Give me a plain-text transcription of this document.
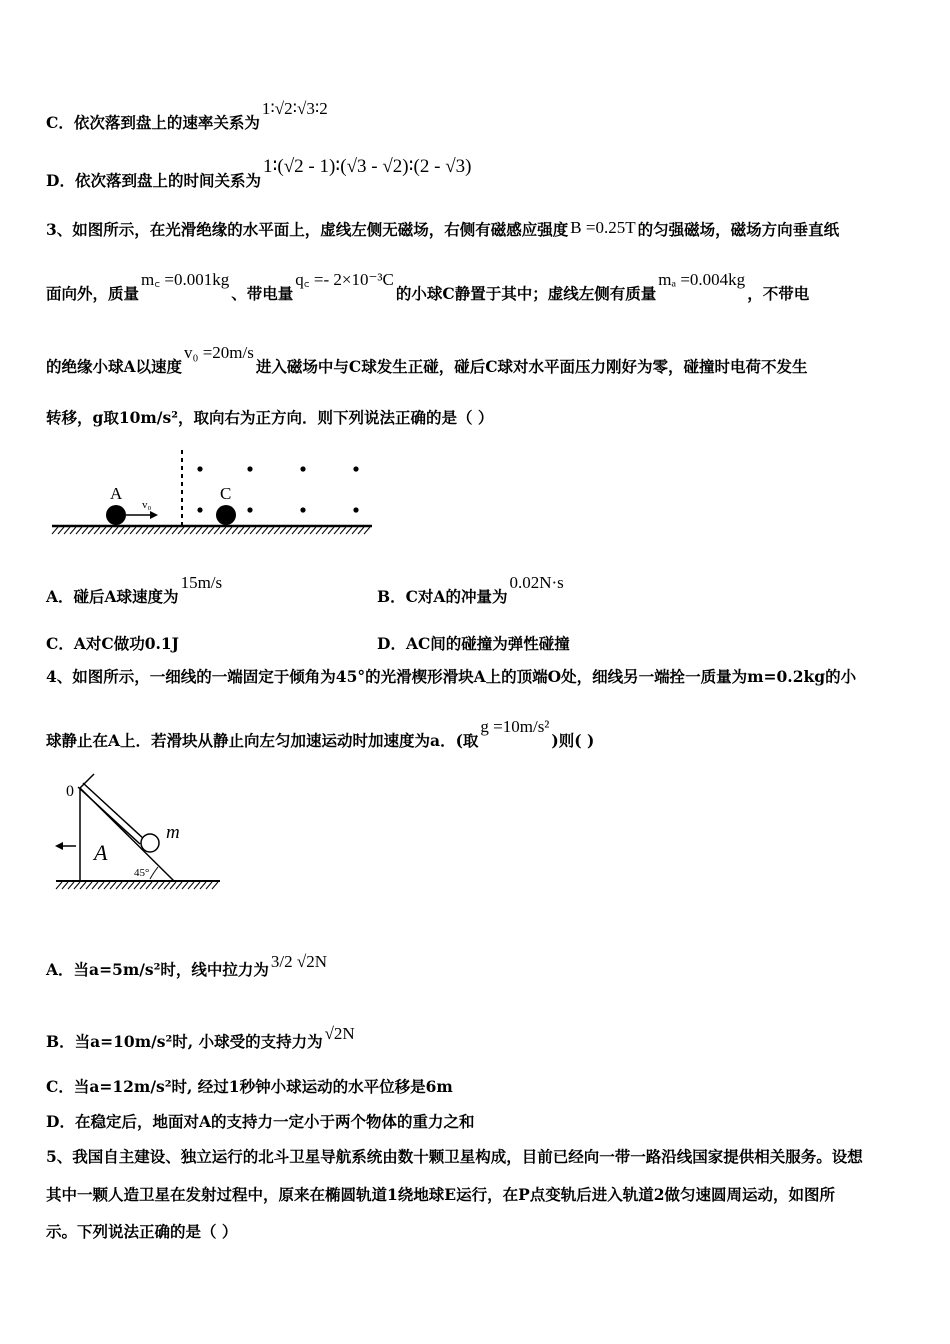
C．依次落到盘上的速率关系为1∶√2∶√3∶2
D．依次落到盘上的时间关系为1∶(√2 - 1)∶(√3 - √2)∶(2 - √3)
3、如图所示，在光滑绝缘的水平面上，虚线左侧无磁场，右侧有磁感应强度 B =0.25T 的匀强磁场，磁场方向垂直纸
面向外，质量m꜀ =0.001kg、带电量q꜀ =- 2×10⁻³C的小球C静置于其中；虚线左侧有质量mₐ =0.004kg，不带电
的绝缘小球A以速度v₀ =20m/s进入磁场中与C球发生正碰，碰后C球对水平面压力刚好为零，碰撞时电荷不发生
转移，g取10m/s²，取向右为正方向．则下列说法正确的是（ ）
A	C
v₀
A．碰后A球速度为15m/s
B．C对A的冲量为0.02N·s
C．A对C做功0.1J	D．AC间的碰撞为弹性碰撞
4、如图所示，一细线的一端固定于倾角为45°的光滑楔形滑块A上的顶端O处，细线另一端拴一质量为m=0.2kg的小
球静止在A上．若滑块从静止向左匀加速运动时加速度为a．(取g =10m/s²)则( )
0
m
A
45°
A．当a=5m/s²时，线中拉力为 3/2 √2N
B．当a=10m/s²时, 小球受的支持力为 √2N
C．当a=12m/s²时, 经过1秒钟小球运动的水平位移是6m
D．在稳定后，地面对A的支持力一定小于两个物体的重力之和
5、我国自主建设、独立运行的北斗卫星导航系统由数十颗卫星构成，目前已经向一带一路沿线国家提供相关服务。设想
其中一颗人造卫星在发射过程中，原来在椭圆轨道1绕地球E运行，在P点变轨后进入轨道2做匀速圆周运动，如图所
示。下列说法正确的是（ ）
